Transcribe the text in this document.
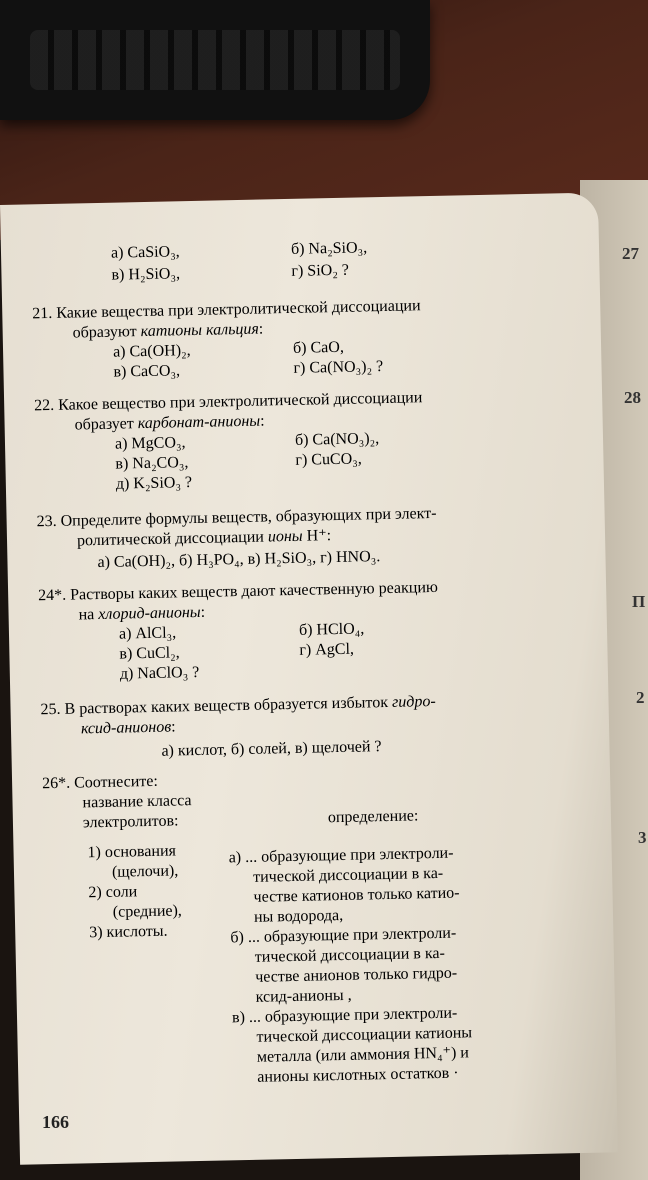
27
28
П
2
3
а) CaSiO₃,	б) Na₂SiO₃,
в) H₂SiO₃,	г) SiO₂ ?
21. Какие вещества при электролитической диссоциации
образуют катионы кальция:
а) Ca(OH)₂,	б) CaO,
в) CaCO₃,	г) Ca(NO₃)₂ ?
22. Какое вещество при электролитической диссоциации
образует карбонат-анионы:
а) MgCO₃,	б) Ca(NO₃)₂,
в) Na₂CO₃,	г) CuCO₃,
д) K₂SiO₃ ?
23. Определите формулы веществ, образующих при элект-
ролитической диссоциации ионы H⁺:
а) Ca(OH)₂, б) H₃PO₄, в) H₂SiO₃, г) HNO₃.
24*. Растворы каких веществ дают качественную реакцию
на хлорид-анионы:
а) AlCl₃,	б) HClO₄,
в) CuCl₂,	г) AgCl,
д) NaClO₃ ?
25. В растворах каких веществ образуется избыток гидро-
ксид-анионов:
а) кислот, б) солей, в) щелочей ?
26*. Соотнесите:
название класса
электролитов:	определение:
1) основания
(щелочи),
2) соли
(средние),
3) кислоты.
а) ... образующие при электроли-
тической диссоциации в ка-
честве катионов только катио-
ны водорода,
б) ... образующие при электроли-
тической диссоциации в ка-
честве анионов только гидро-
ксид-анионы ,
в) ... образующие при электроли-
тической диссоциации катионы
металла (или аммония HN₄⁺) и
анионы кислотных остатков ·
166
